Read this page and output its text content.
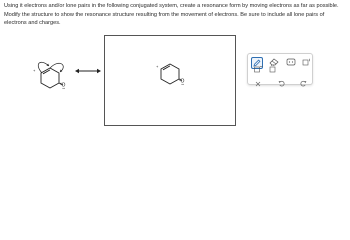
Using it electrons and/or lone pairs in the following conjugated system, create a resonance form by moving electrons as far as possible. Modify the structure to show the resonance structure resulting from the movement of electrons. Be sure to include all lone pairs of electrons and charges.

O
+
O
+
